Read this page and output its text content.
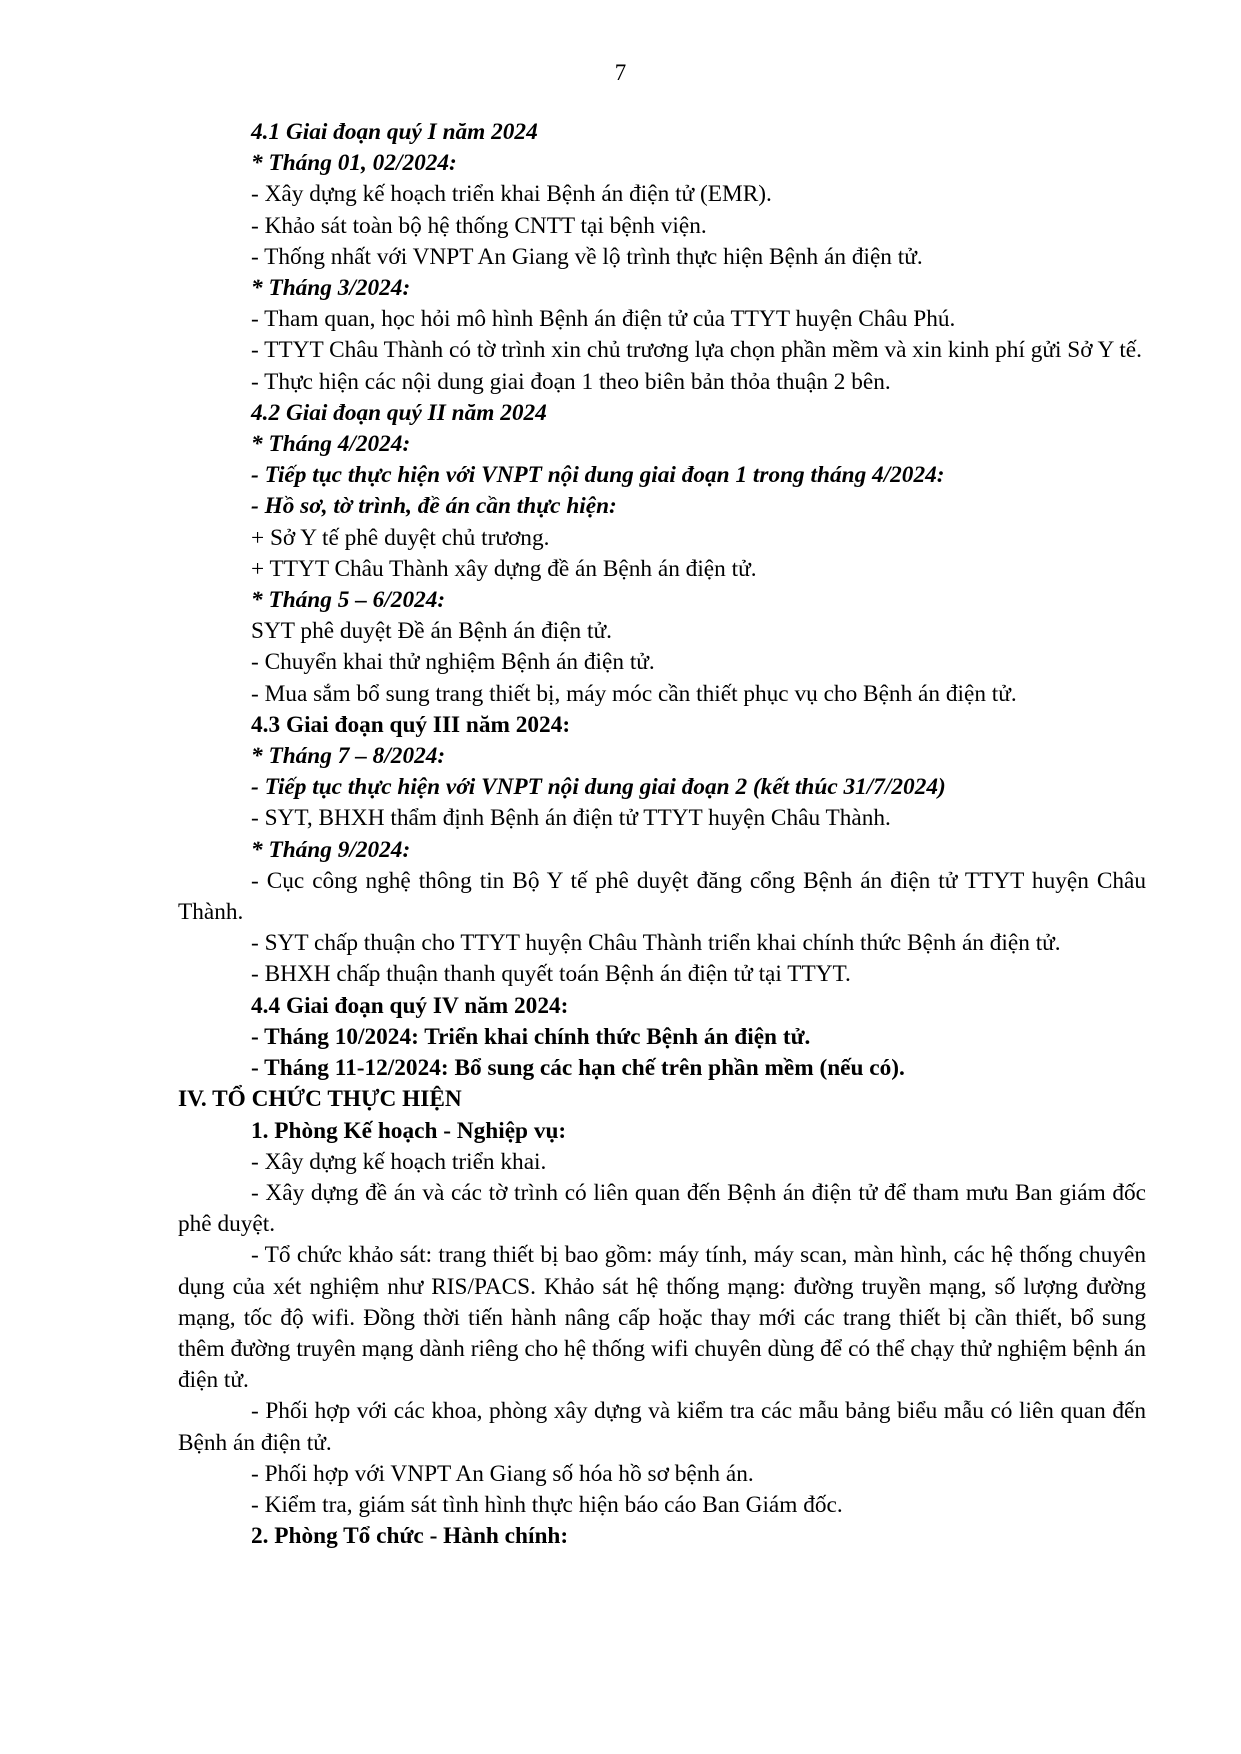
7

4.1 Giai đoạn quý I năm 2024

* Tháng 01, 02/2024:

- Xây dựng kế hoạch triển khai Bệnh án điện tử (EMR).

- Khảo sát toàn bộ hệ thống CNTT tại bệnh viện.

- Thống nhất với VNPT An Giang về lộ trình thực hiện Bệnh án điện tử.

* Tháng 3/2024:

- Tham quan, học hỏi mô hình Bệnh án điện tử của TTYT huyện Châu Phú.

- TTYT Châu Thành có tờ trình xin chủ trương lựa chọn phần mềm và xin kinh phí gửi Sở Y tế.

- Thực hiện các nội dung giai đoạn 1 theo biên bản thỏa thuận 2 bên.

4.2 Giai đoạn quý II năm 2024

* Tháng 4/2024:

- Tiếp tục thực hiện với VNPT nội dung giai đoạn 1 trong tháng 4/2024:

- Hồ sơ, tờ trình, đề án cần thực hiện:

+ Sở Y tế phê duyệt chủ trương.

+ TTYT Châu Thành xây dựng đề án Bệnh án điện tử.

* Tháng 5 – 6/2024:

SYT phê duyệt Đề án Bệnh án điện tử.

- Chuyển khai thử nghiệm Bệnh án điện tử.

- Mua sắm bổ sung trang thiết bị, máy móc cần thiết phục vụ cho Bệnh án điện tử.

4.3 Giai đoạn quý III năm 2024:

* Tháng 7 – 8/2024:

- Tiếp tục thực hiện với VNPT nội dung giai đoạn 2 (kết thúc 31/7/2024)

- SYT, BHXH thẩm định Bệnh án điện tử TTYT huyện Châu Thành.

* Tháng 9/2024:

- Cục công nghệ thông tin Bộ Y tế phê duyệt đăng cổng Bệnh án điện tử TTYT huyện Châu Thành.

- SYT chấp thuận cho TTYT huyện Châu Thành triển khai chính thức Bệnh án điện tử.

- BHXH chấp thuận thanh quyết toán Bệnh án điện tử tại TTYT.

4.4 Giai đoạn quý IV năm 2024:

- Tháng 10/2024: Triển khai chính thức Bệnh án điện tử.

- Tháng 11-12/2024: Bổ sung các hạn chế trên phần mềm (nếu có).

IV. TỔ CHỨC THỰC HIỆN

1. Phòng Kế hoạch - Nghiệp vụ:

- Xây dựng kế hoạch triển khai.

- Xây dựng đề án và các tờ trình có liên quan đến Bệnh án điện tử để tham mưu Ban giám đốc phê duyệt.

- Tổ chức khảo sát: trang thiết bị bao gồm: máy tính, máy scan, màn hình, các hệ thống chuyên dụng của xét nghiệm như RIS/PACS. Khảo sát hệ thống mạng: đường truyền mạng, số lượng đường mạng, tốc độ wifi. Đồng thời tiến hành nâng cấp hoặc thay mới các trang thiết bị cần thiết, bổ sung thêm đường truyên mạng dành riêng cho hệ thống wifi chuyên dùng để có thể chạy thử nghiệm bệnh án điện tử.

- Phối hợp với các khoa, phòng xây dựng và kiểm tra các mẫu bảng biểu mẫu có liên quan đến Bệnh án điện tử.

- Phối hợp với VNPT An Giang số hóa hồ sơ bệnh án.

- Kiểm tra, giám sát tình hình thực hiện báo cáo Ban Giám đốc.

2. Phòng Tổ chức - Hành chính:
